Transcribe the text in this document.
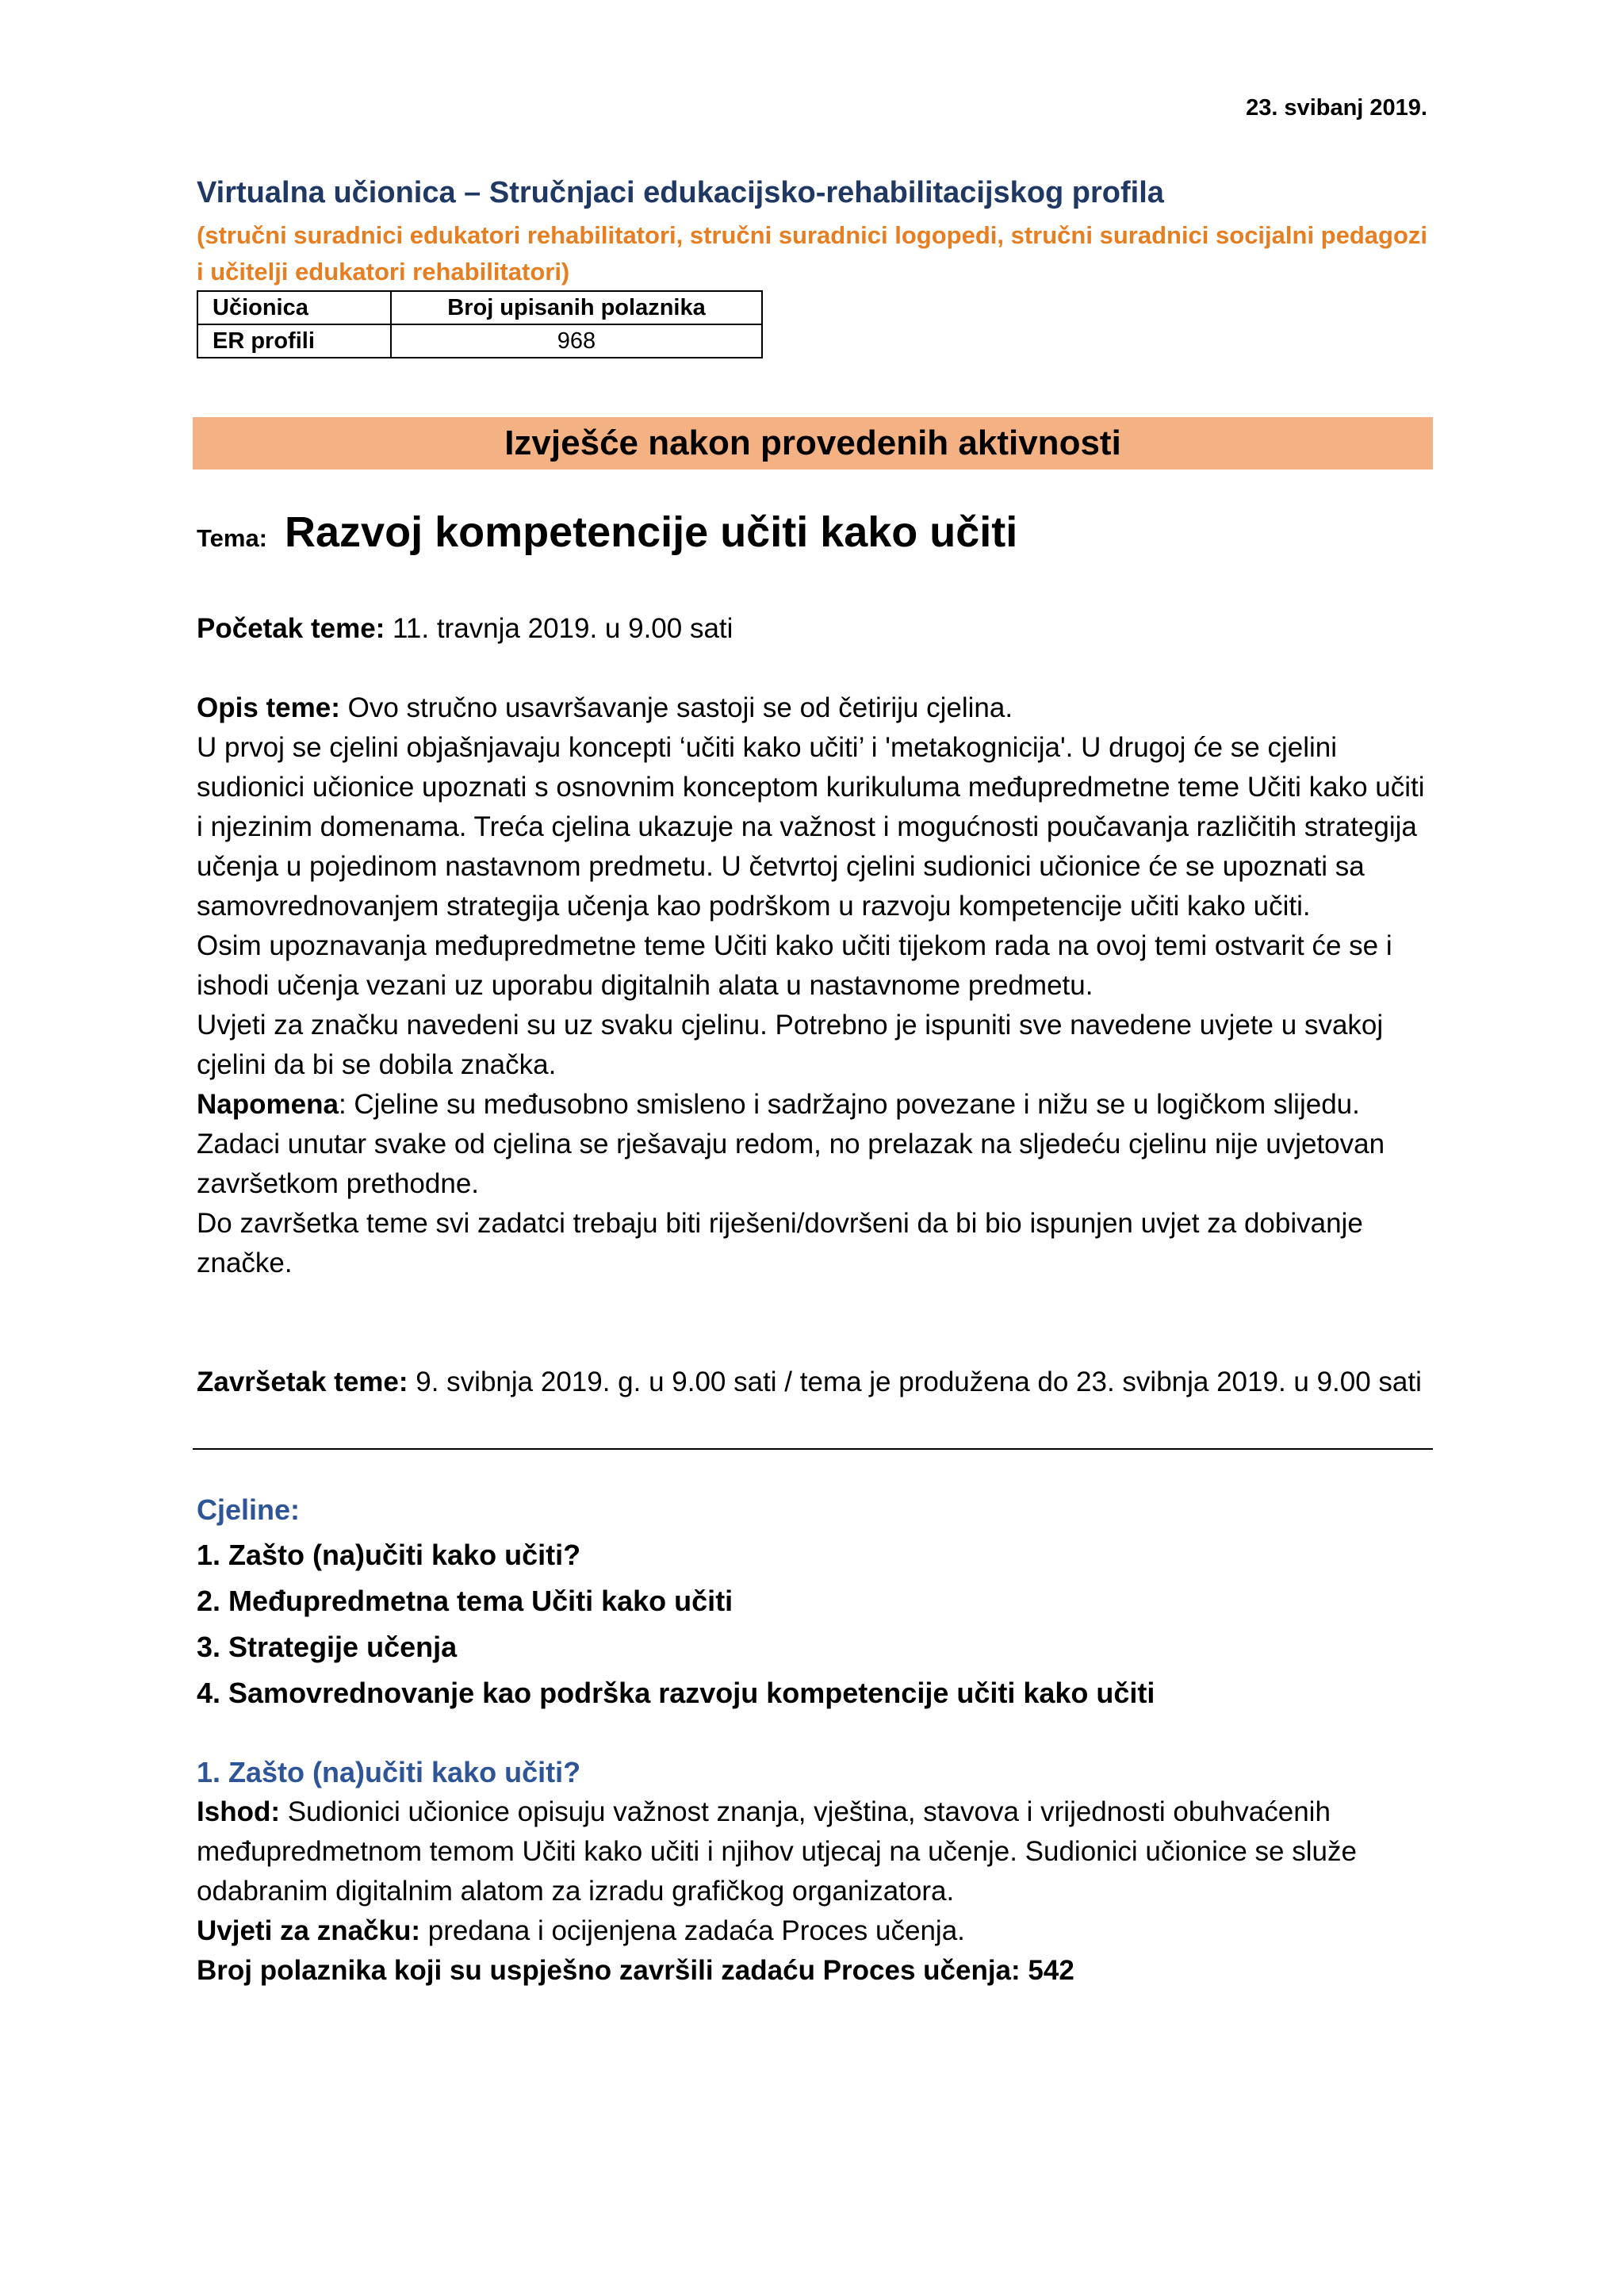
23. svibanj 2019.
Virtualna učionica – Stručnjaci edukacijsko-rehabilitacijskog profila
(stručni suradnici edukatori rehabilitatori, stručni suradnici logopedi, stručni suradnici socijalni pedagozi i učitelji edukatori rehabilitatori)
Učionica	Broj upisanih polaznika
ER profili	968
Izvješće nakon provedenih aktivnosti
Tema: Razvoj kompetencije učiti kako učiti

Početak teme: 11. travnja 2019. u 9.00 sati

Opis teme: Ovo stručno usavršavanje sastoji se od četiriju cjelina.

U prvoj se cjelini objašnjavaju koncepti ‘učiti kako učiti’ i 'metakognicija'. U drugoj će se cjelini sudionici učionice upoznati s osnovnim konceptom kurikuluma međupredmetne teme Učiti kako učiti i njezinim domenama. Treća cjelina ukazuje na važnost i mogućnosti poučavanja različitih strategija učenja u pojedinom nastavnom predmetu. U četvrtoj cjelini sudionici učionice će se upoznati sa samovrednovanjem strategija učenja kao podrškom u razvoju kompetencije učiti kako učiti.

Osim upoznavanja međupredmetne teme Učiti kako učiti tijekom rada na ovoj temi ostvarit će se i ishodi učenja vezani uz uporabu digitalnih alata u nastavnome predmetu.

Uvjeti za značku navedeni su uz svaku cjelinu. Potrebno je ispuniti sve navedene uvjete u svakoj cjelini da bi se dobila značka.

Napomena: Cjeline su međusobno smisleno i sadržajno povezane i nižu se u logičkom slijedu. Zadaci unutar svake od cjelina se rješavaju redom, no prelazak na sljedeću cjelinu nije uvjetovan završetkom prethodne.

Do završetka teme svi zadatci trebaju biti riješeni/dovršeni da bi bio ispunjen uvjet za dobivanje značke.

Završetak teme: 9. svibnja 2019. g. u 9.00 sati / tema je produžena do 23. svibnja 2019. u 9.00 sati

Cjeline:
1. Zašto (na)učiti kako učiti?
2. Međupredmetna tema Učiti kako učiti
3. Strategije učenja
4. Samovrednovanje kao podrška razvoju kompetencije učiti kako učiti
1. Zašto (na)učiti kako učiti?

Ishod: Sudionici učionice opisuju važnost znanja, vještina, stavova i vrijednosti obuhvaćenih međupredmetnom temom Učiti kako učiti i njihov utjecaj na učenje. Sudionici učionice se služe odabranim digitalnim alatom za izradu grafičkog organizatora.

Uvjeti za značku: predana i ocijenjena zadaća Proces učenja.

Broj polaznika koji su uspješno završili zadaću Proces učenja: 542
